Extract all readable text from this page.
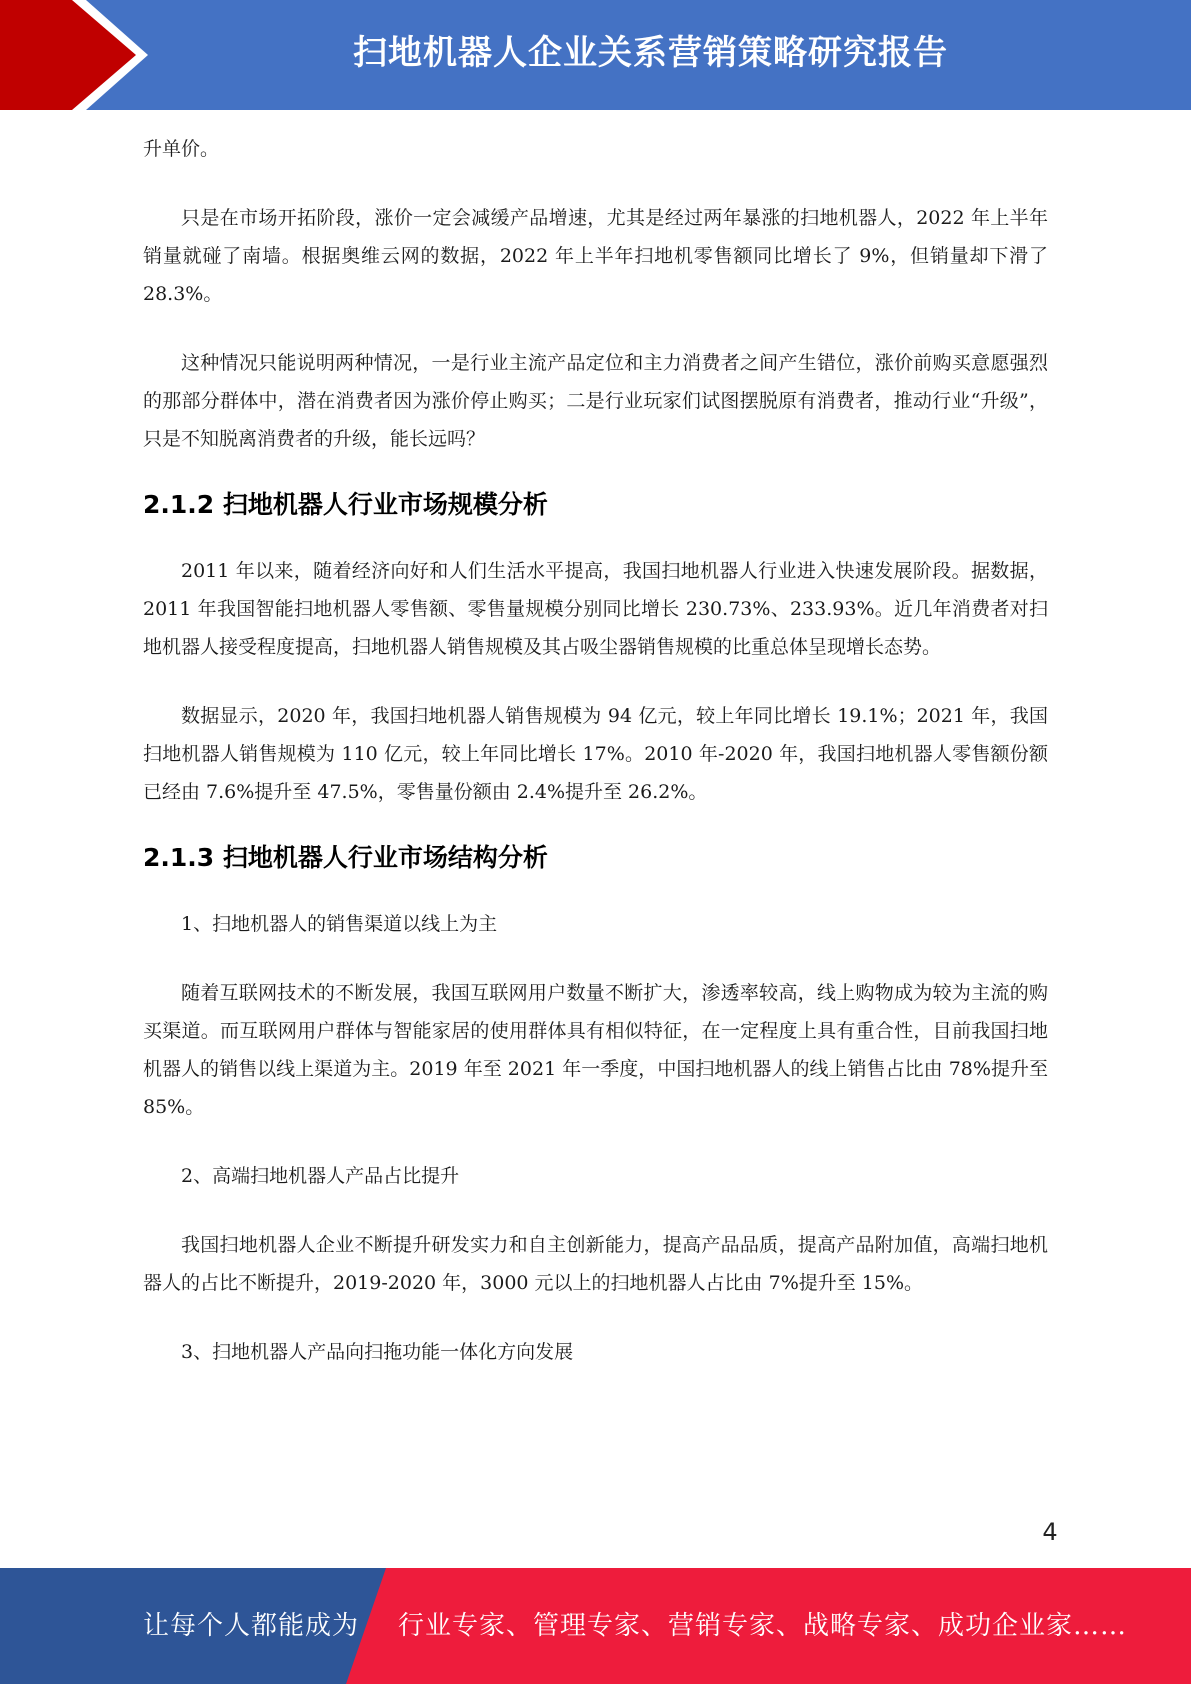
扫地机器人企业关系营销策略研究报告

升单价。

只是在市场开拓阶段，涨价一定会减缓产品增速，尤其是经过两年暴涨的扫地机器人，2022 年上半年销量就碰了南墙。根据奥维云网的数据，2022 年上半年扫地机零售额同比增长了 9%，但销量却下滑了 28.3%。

这种情况只能说明两种情况，一是行业主流产品定位和主力消费者之间产生错位，涨价前购买意愿强烈的那部分群体中，潜在消费者因为涨价停止购买；二是行业玩家们试图摆脱原有消费者，推动行业“升级”，只是不知脱离消费者的升级，能长远吗？

2.1.2 扫地机器人行业市场规模分析

2011 年以来，随着经济向好和人们生活水平提高，我国扫地机器人行业进入快速发展阶段。据数据，2011 年我国智能扫地机器人零售额、零售量规模分别同比增长 230.73%、233.93%。近几年消费者对扫地机器人接受程度提高，扫地机器人销售规模及其占吸尘器销售规模的比重总体呈现增长态势。

数据显示，2020 年，我国扫地机器人销售规模为 94 亿元，较上年同比增长 19.1%；2021 年，我国扫地机器人销售规模为 110 亿元，较上年同比增长 17%。2010 年-2020 年，我国扫地机器人零售额份额已经由 7.6%提升至 47.5%，零售量份额由 2.4%提升至 26.2%。

2.1.3 扫地机器人行业市场结构分析

1、扫地机器人的销售渠道以线上为主

随着互联网技术的不断发展，我国互联网用户数量不断扩大，渗透率较高，线上购物成为较为主流的购买渠道。而互联网用户群体与智能家居的使用群体具有相似特征，在一定程度上具有重合性，目前我国扫地机器人的销售以线上渠道为主。2019 年至 2021 年一季度，中国扫地机器人的线上销售占比由 78%提升至 85%。

2、高端扫地机器人产品占比提升

我国扫地机器人企业不断提升研发实力和自主创新能力，提高产品品质，提高产品附加值，高端扫地机器人的占比不断提升，2019-2020 年，3000 元以上的扫地机器人占比由 7%提升至 15%。

3、扫地机器人产品向扫拖功能一体化方向发展

4
让每个人都能成为 行业专家、管理专家、营销专家、战略专家、成功企业家……
